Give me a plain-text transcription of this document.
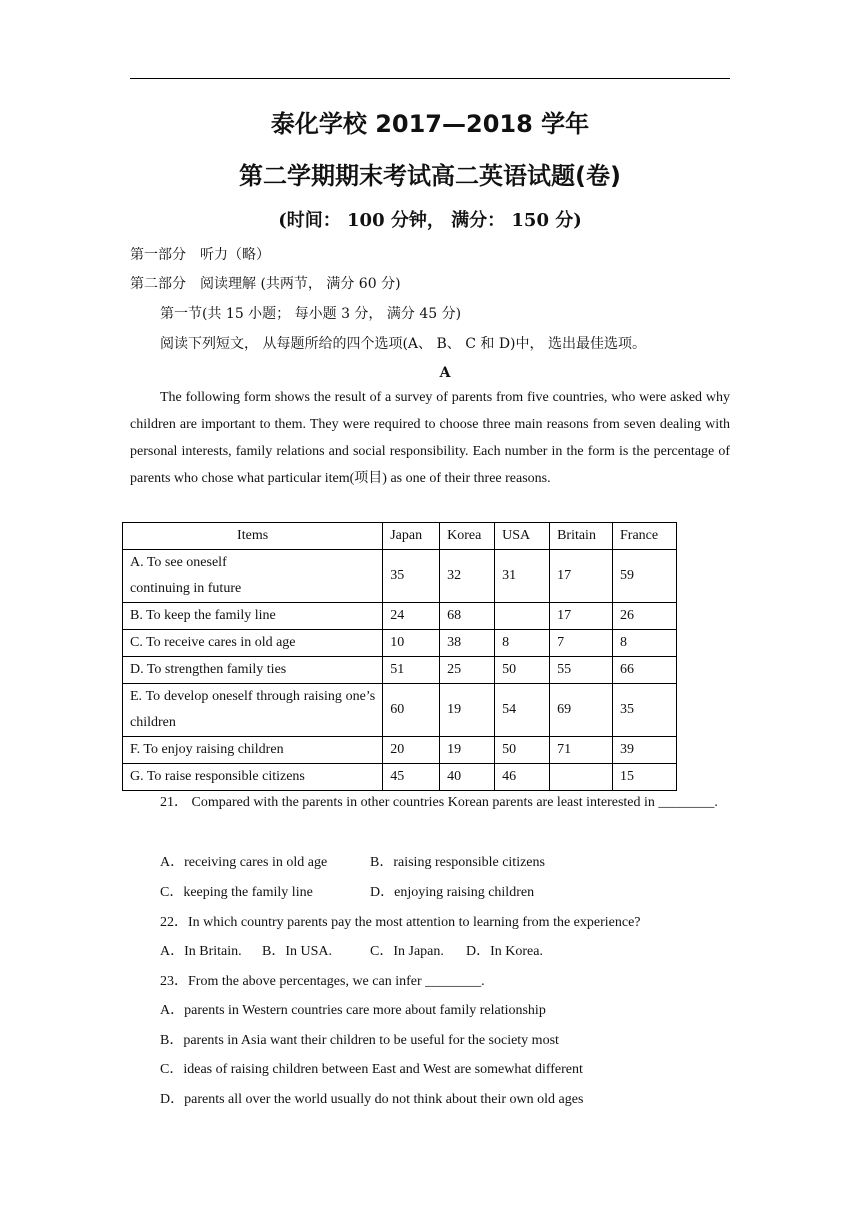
泰化学校 2017—2018 学年
第二学期期末考试高二英语试题(卷)
(时间： 100 分钟， 满分： 150 分)
第一部分　听力（略）
第二部分　阅读理解 (共两节， 满分 60 分)
第一节(共 15 小题； 每小题 3 分， 满分 45 分)
阅读下列短文， 从每题所给的四个选项(A、 B、 C 和 D)中， 选出最佳选项。
A
The following form shows the result of a survey of parents from five countries, who were asked why children are important to them. They were required to choose three main reasons from seven dealing with personal interests, family relations and social responsibility. Each number in the form is the percentage of parents who chose what particular item(项目) as one of their three reasons.
Items	Japan	Korea	USA	Britain	France
A. To see oneself
continuing in future	35	32	31	17	59
B. To keep the family line	24	68		17	26
C. To receive cares in old age	10	38	8	7	8
D. To strengthen family ties	51	25	50	55	66
E. To develop oneself through raising one’s children	60	19	54	69	35
F. To enjoy raising children	20	19	50	71	39
G. To raise responsible citizens	45	40	46		15
21． Compared with the parents in other countries Korean parents are least interested in ________.
A．receiving cares in old age	B．raising responsible citizens
C．keeping the family line	D．enjoying raising children
22．In which country parents pay the most attention to learning from the experience?
A．In Britain. B．In USA.	C．In Japan. D．In Korea.
23．From the above percentages, we can infer ________.
A．parents in Western countries care more about family relationship
B．parents in Asia want their children to be useful for the society most
C．ideas of raising children between East and West are somewhat different
D．parents all over the world usually do not think about their own old ages
